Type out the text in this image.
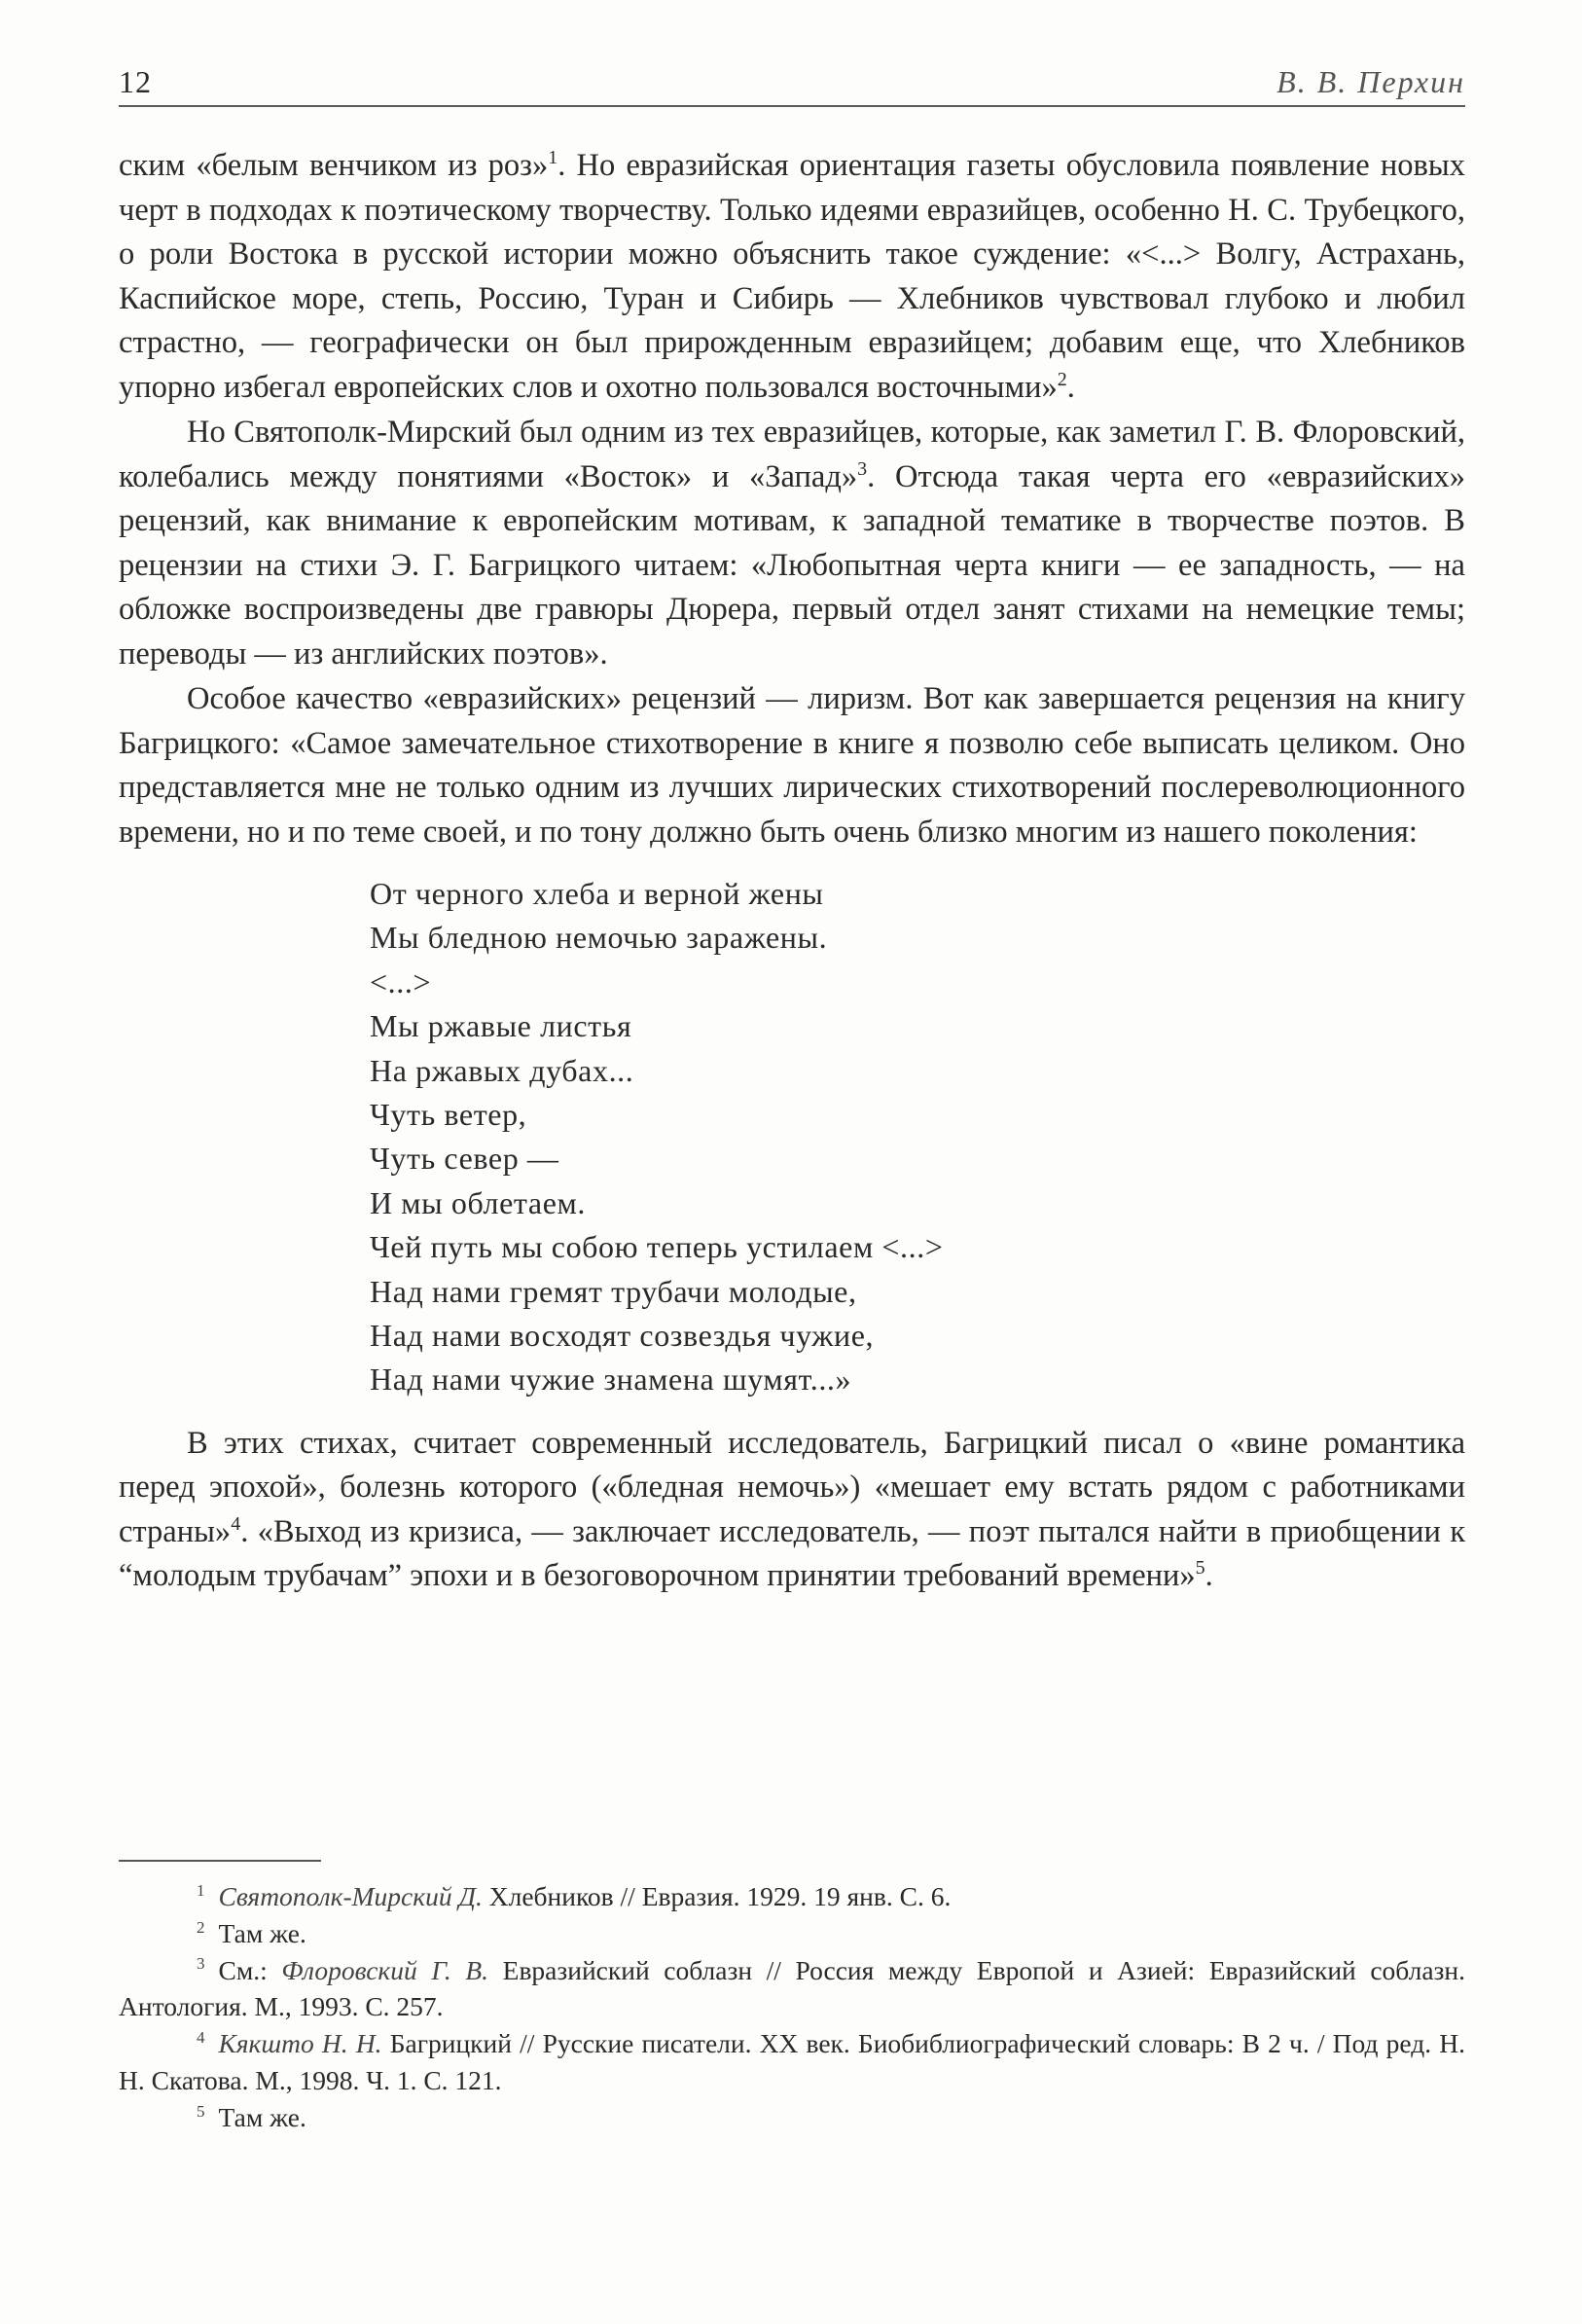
12	В. В. Перхин

ским «белым венчиком из роз»$^1$. Но евразийская ориентация газеты обусловила появление новых черт в подходах к поэтическому творчеству. Только идеями евразийцев, особенно Н. С. Трубецкого, о роли Востока в русской истории можно объяснить такое суждение: «<...> Волгу, Астрахань, Каспийское море, степь, Россию, Туран и Сибирь — Хлебников чувствовал глубоко и любил страстно, — географически он был прирожденным евразийцем; добавим еще, что Хлебников упорно избегал европейских слов и охотно пользовался восточными»$^2$.

Но Святополк-Мирский был одним из тех евразийцев, которые, как заметил Г. В. Флоровский, колебались между понятиями «Восток» и «Запад»$^3$. Отсюда такая черта его «евразийских» рецензий, как внимание к европейским мотивам, к западной тематике в творчестве поэтов. В рецензии на стихи Э. Г. Багрицкого читаем: «Любопытная черта книги — ее западность, — на обложке воспроизведены две гравюры Дюрера, первый отдел занят стихами на немецкие темы; переводы — из английских поэтов».

Особое качество «евразийских» рецензий — лиризм. Вот как завершается рецензия на книгу Багрицкого: «Самое замечательное стихотворение в книге я позволю себе выписать целиком. Оно представляется мне не только одним из лучших лирических стихотворений послереволюционного времени, но и по теме своей, и по тону должно быть очень близко многим из нашего поколения:

От черного хлеба и верной жены
Мы бледною немочью заражены.
<...>
Мы ржавые листья
На ржавых дубах...
Чуть ветер,
Чуть север —
И мы облетаем.
Чей путь мы собою теперь устилаем <...>
Над нами гремят трубачи молодые,
Над нами восходят созвездья чужие,
Над нами чужие знамена шумят...»

В этих стихах, считает современный исследователь, Багрицкий писал о «вине романтика перед эпохой», болезнь которого («бледная немочь») «мешает ему встать рядом с работниками страны»$^4$. «Выход из кризиса, — заключает исследователь, — поэт пытался найти в приобщении к “молодым трубачам” эпохи и в безоговорочном принятии требований времени»$^5$.

$^1$ Святополк-Мирский Д. Хлебников // Евразия. 1929. 19 янв. С. 6.

$^2$ Там же.

$^3$ См.: Флоровский Г. В. Евразийский соблазн // Россия между Европой и Азией: Евразийский соблазн. Антология. М., 1993. С. 257.

$^4$ Кякшто Н. Н. Багрицкий // Русские писатели. XX век. Биобиблиографический словарь: В 2 ч. / Под ред. Н. Н. Скатова. М., 1998. Ч. 1. С. 121.

$^5$ Там же.
